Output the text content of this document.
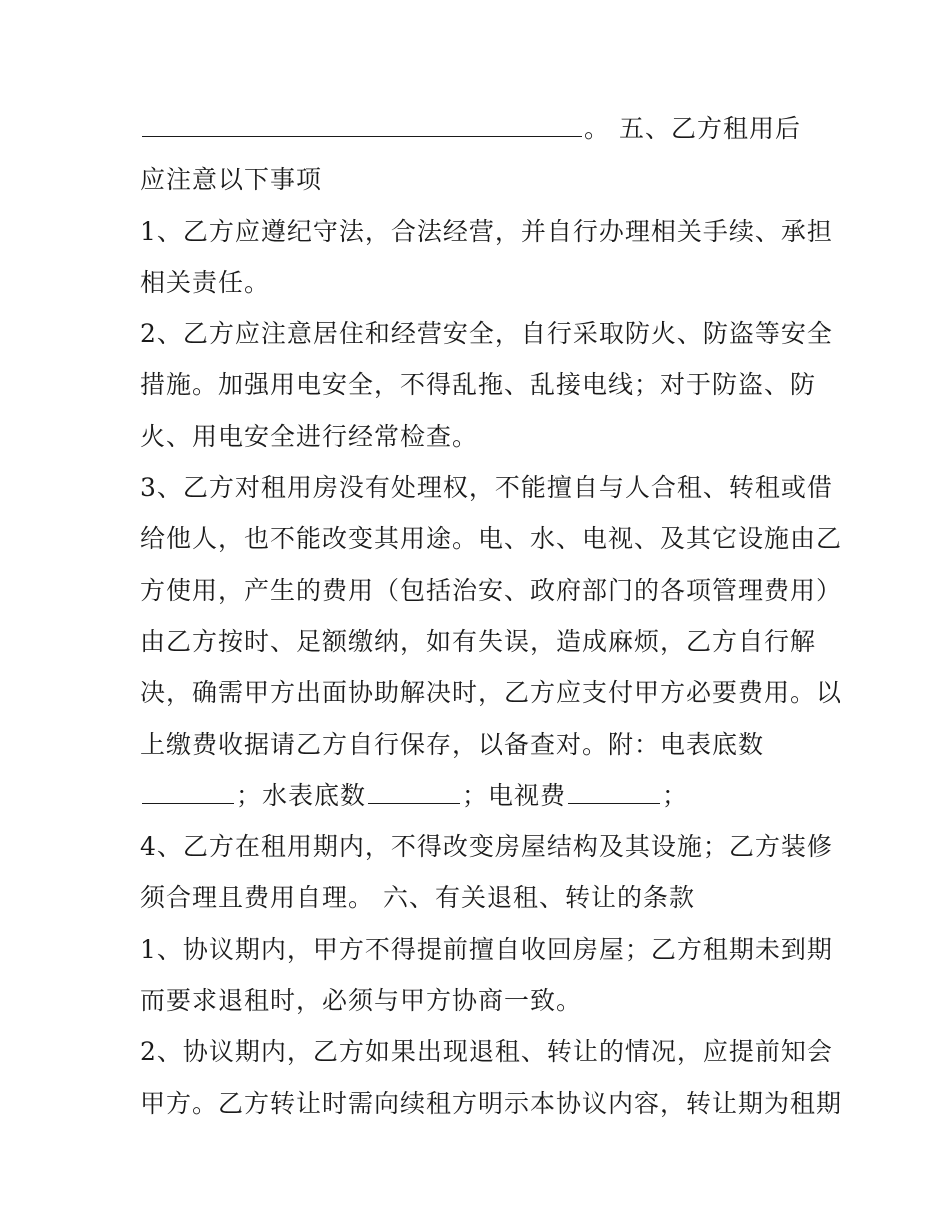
。 五、乙方租用后
应注意以下事项
1、乙方应遵纪守法，合法经营，并自行办理相关手续、承担
相关责任。
2、乙方应注意居住和经营安全，自行采取防火、防盗等安全
措施。加强用电安全，不得乱拖、乱接电线；对于防盗、防
火、用电安全进行经常检查。
3、乙方对租用房没有处理权，不能擅自与人合租、转租或借
给他人，也不能改变其用途。电、水、电视、及其它设施由乙
方使用，产生的费用（包括治安、政府部门的各项管理费用）
由乙方按时、足额缴纳，如有失误，造成麻烦，乙方自行解
决，确需甲方出面协助解决时，乙方应支付甲方必要费用。以
上缴费收据请乙方自行保存，以备查对。附：电表底数
；水表底数	；电视费	；
4、乙方在租用期内，不得改变房屋结构及其设施；乙方装修
须合理且费用自理。 六、有关退租、转让的条款
1、协议期内，甲方不得提前擅自收回房屋；乙方租期未到期
而要求退租时，必须与甲方协商一致。
2、协议期内，乙方如果出现退租、转让的情况，应提前知会
甲方。乙方转让时需向续租方明示本协议内容，转让期为租期
